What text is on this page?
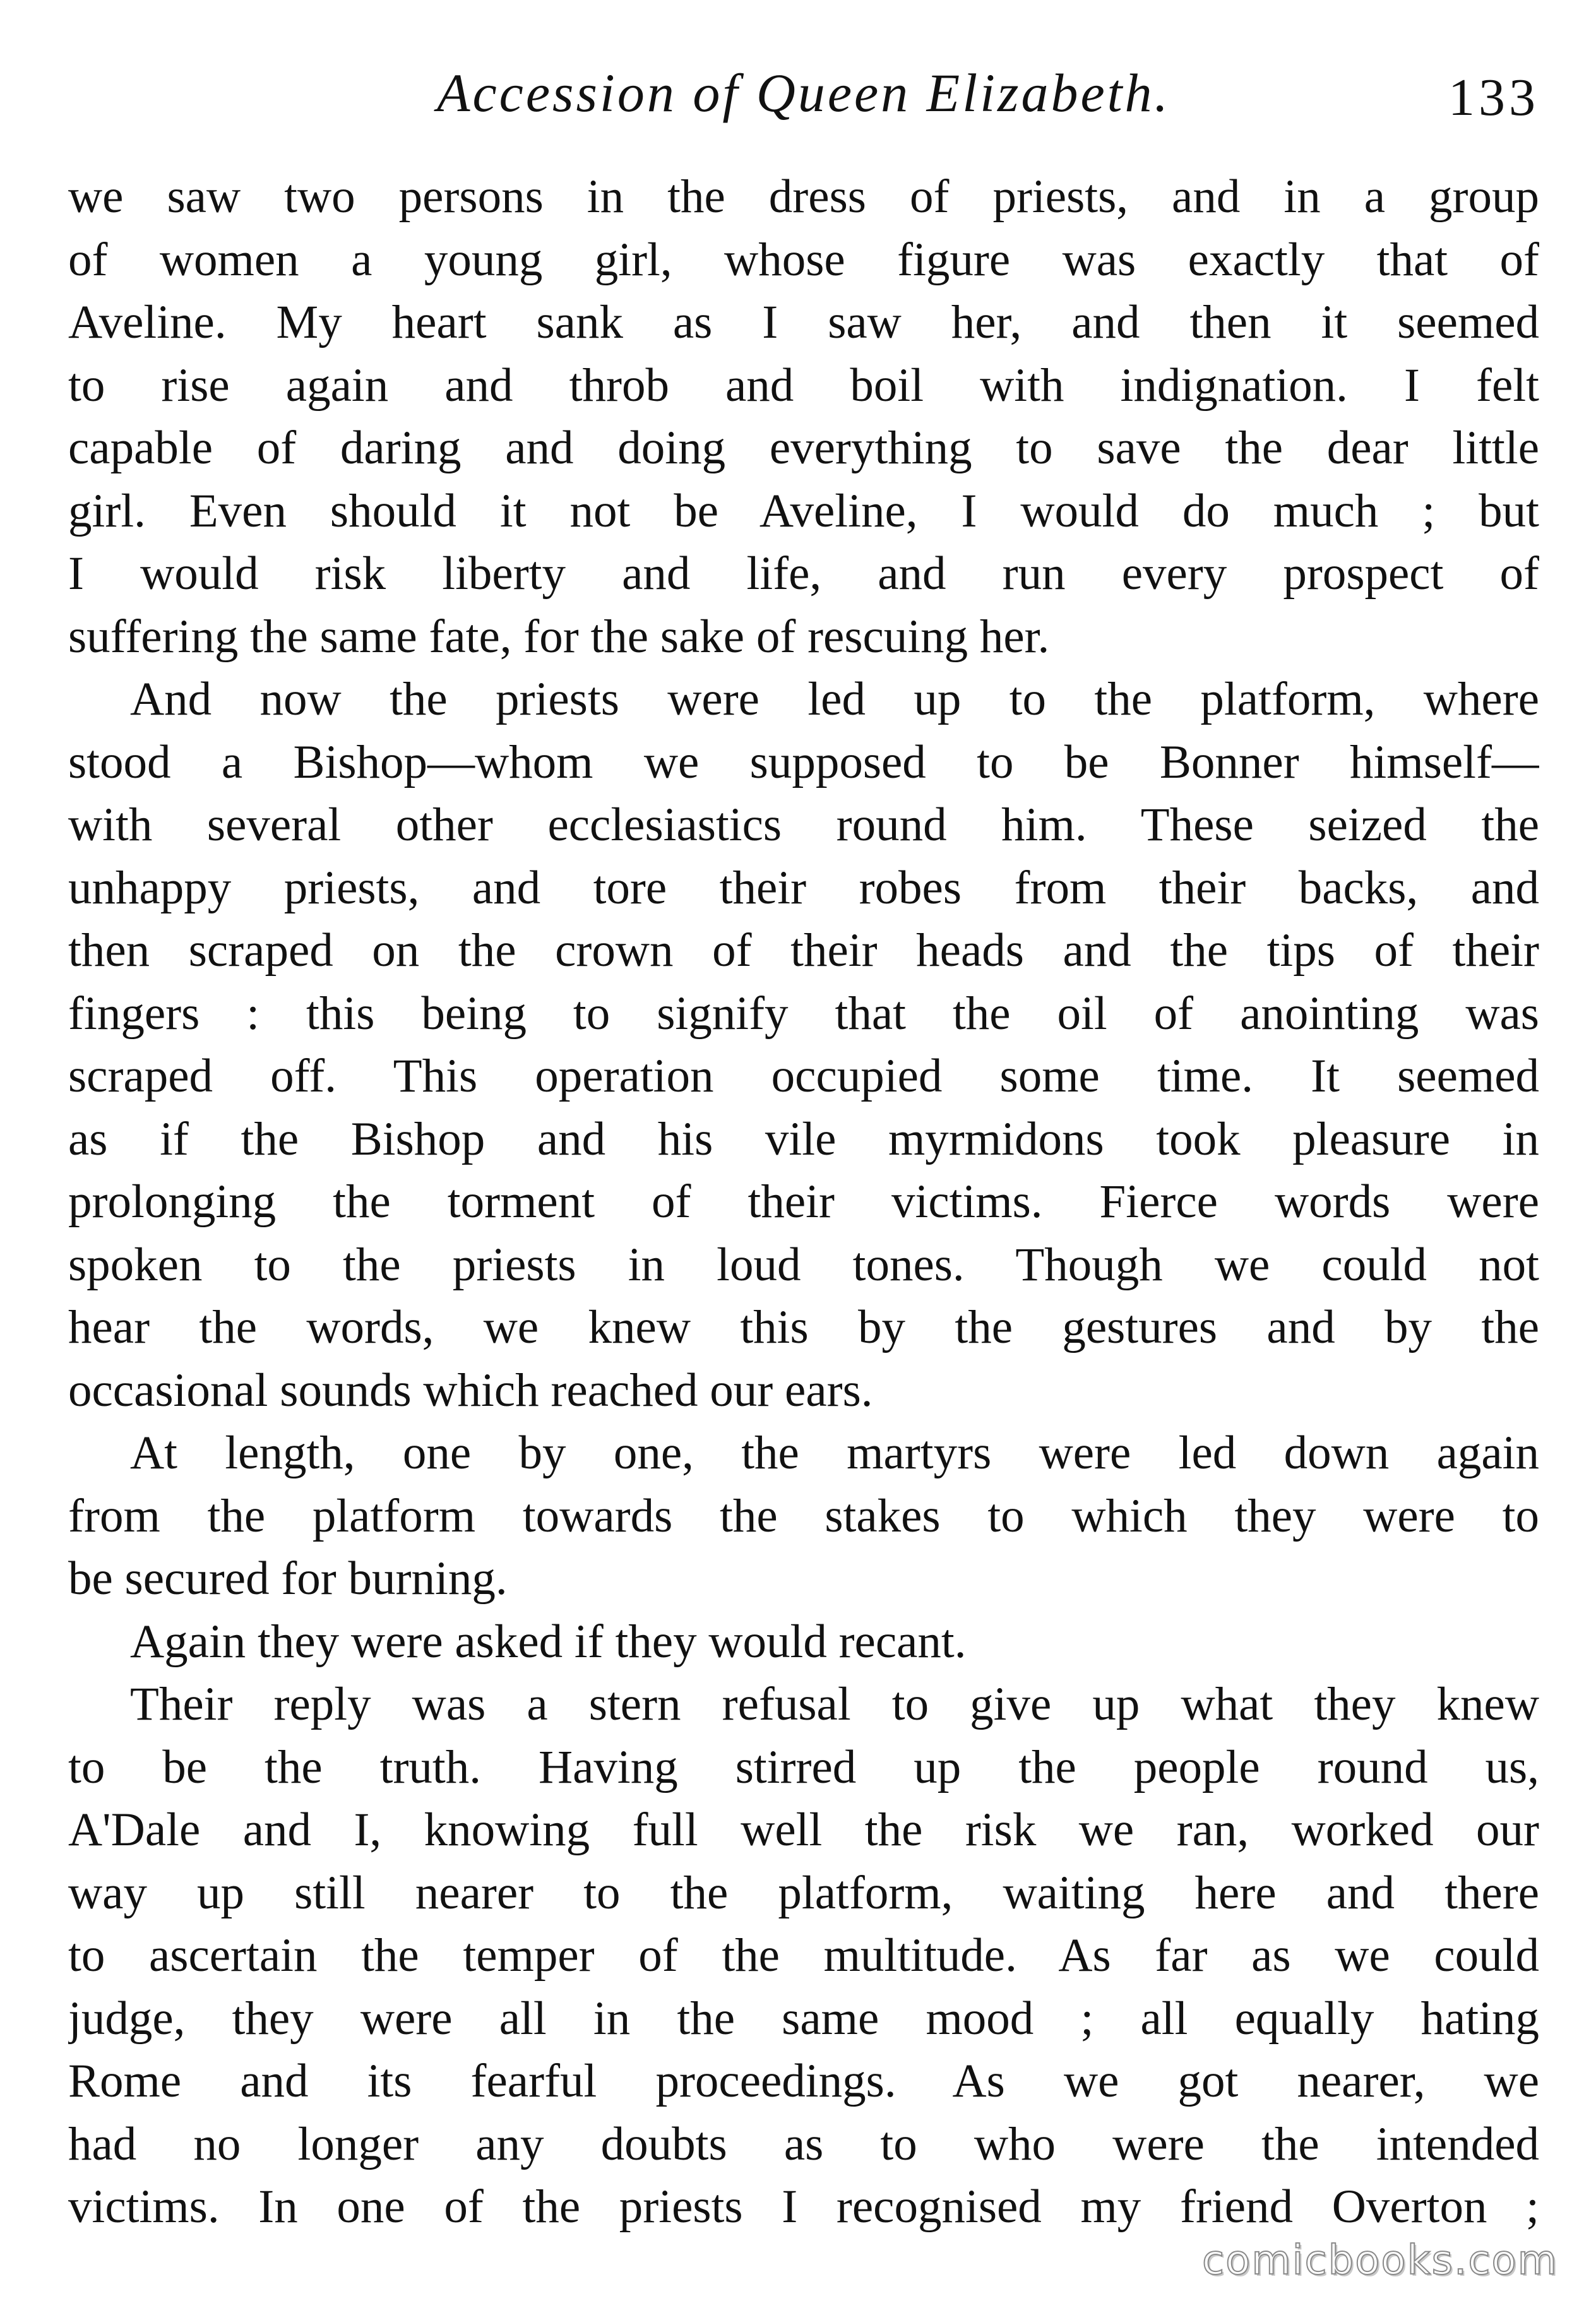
Accession of Queen Elizabeth.	133
we saw two persons in the dress of priests, and in a group
of women a young girl, whose figure was exactly that of
Aveline. My heart sank as I saw her, and then it seemed
to rise again and throb and boil with indignation. I felt
capable of daring and doing everything to save the dear little
girl. Even should it not be Aveline, I would do much ; but
I would risk liberty and life, and run every prospect of
suffering the same fate, for the sake of rescuing her.
And now the priests were led up to the platform, where
stood a Bishop—whom we supposed to be Bonner himself—
with several other ecclesiastics round him. These seized the
unhappy priests, and tore their robes from their backs, and
then scraped on the crown of their heads and the tips of their
fingers : this being to signify that the oil of anointing was
scraped off. This operation occupied some time. It seemed
as if the Bishop and his vile myrmidons took pleasure in
prolonging the torment of their victims. Fierce words were
spoken to the priests in loud tones. Though we could not
hear the words, we knew this by the gestures and by the
occasional sounds which reached our ears.
At length, one by one, the martyrs were led down again
from the platform towards the stakes to which they were to
be secured for burning.
Again they were asked if they would recant.
Their reply was a stern refusal to give up what they knew
to be the truth. Having stirred up the people round us,
A'Dale and I, knowing full well the risk we ran, worked our
way up still nearer to the platform, waiting here and there
to ascertain the temper of the multitude. As far as we could
judge, they were all in the same mood ; all equally hating
Rome and its fearful proceedings. As we got nearer, we
had no longer any doubts as to who were the intended
victims. In one of the priests I recognised my friend Overton ;
comicbooks.com
